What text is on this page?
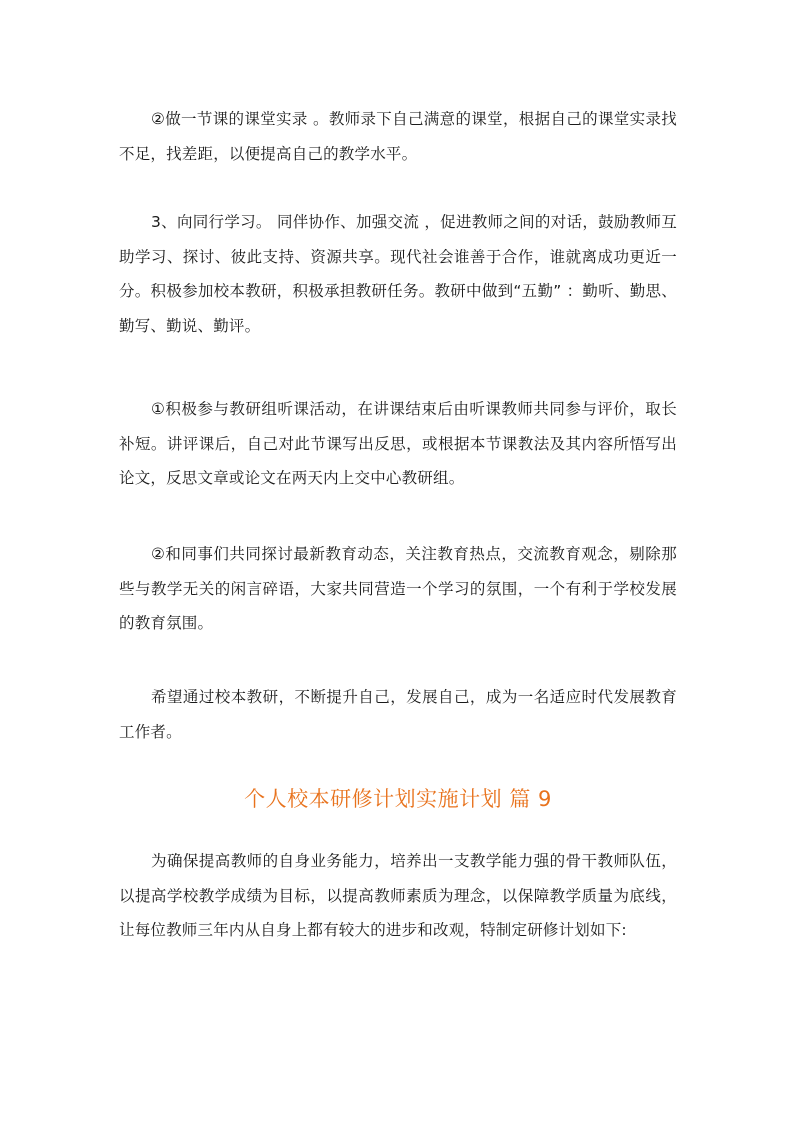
②做一节课的课堂实录 。教师录下自己满意的课堂，根据自己的课堂实录找不足，找差距，以便提高自己的教学水平。

3、向同行学习。 同伴协作、加强交流 ，促进教师之间的对话，鼓励教师互助学习、探讨、彼此支持、资源共享。现代社会谁善于合作，谁就离成功更近一分。积极参加校本教研，积极承担教研任务。教研中做到“五勤” ：勤听、勤思、勤写、勤说、勤评。

①积极参与教研组听课活动，在讲课结束后由听课教师共同参与评价，取长补短。讲评课后，自己对此节课写出反思，或根据本节课教法及其内容所悟写出论文，反思文章或论文在两天内上交中心教研组。

②和同事们共同探讨最新教育动态，关注教育热点，交流教育观念，剔除那些与教学无关的闲言碎语，大家共同营造一个学习的氛围，一个有利于学校发展的教育氛围。

希望通过校本教研，不断提升自己，发展自己，成为一名适应时代发展教育工作者。

个人校本研修计划实施计划 篇 9

为确保提高教师的自身业务能力，培养出一支教学能力强的骨干教师队伍，以提高学校教学成绩为目标，以提高教师素质为理念，以保障教学质量为底线，让每位教师三年内从自身上都有较大的进步和改观，特制定研修计划如下:
